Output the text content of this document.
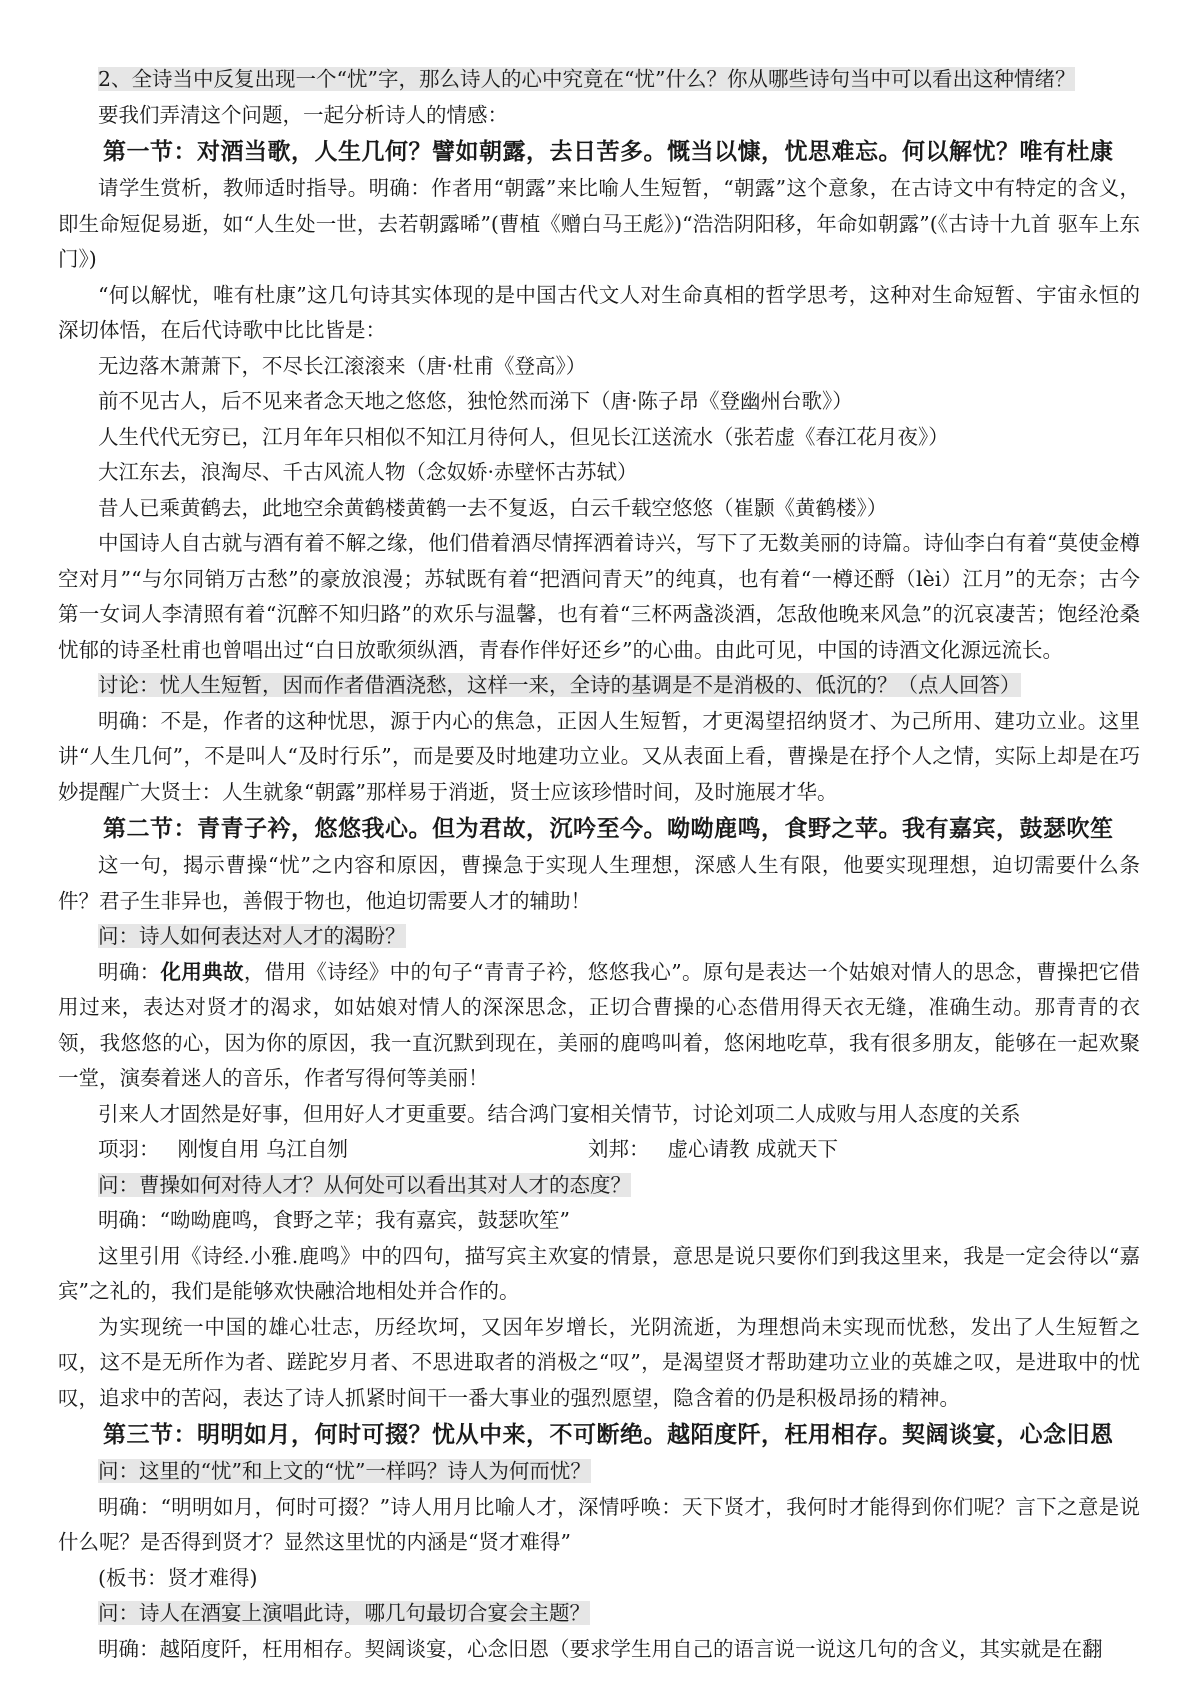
2、全诗当中反复出现一个“忧”字，那么诗人的心中究竟在“忧”什么？你从哪些诗句当中可以看出这种情绪？

要我们弄清这个问题，一起分析诗人的情感：

第一节：对酒当歌，人生几何？譬如朝露，去日苦多。慨当以慷，忧思难忘。何以解忧？唯有杜康

请学生赏析，教师适时指导。明确：作者用“朝露”来比喻人生短暂，“朝露”这个意象，在古诗文中有特定的含义，即生命短促易逝，如“人生处一世，去若朝露晞”(曹植《赠白马王彪》)“浩浩阴阳移，年命如朝露”(《古诗十九首 驱车上东门》)

“何以解忧，唯有杜康”这几句诗其实体现的是中国古代文人对生命真相的哲学思考，这种对生命短暂、宇宙永恒的深切体悟，在后代诗歌中比比皆是：

无边落木萧萧下，不尽长江滚滚来（唐·杜甫《登高》）

前不见古人，后不见来者念天地之悠悠，独怆然而涕下（唐·陈子昂《登幽州台歌》）

人生代代无穷已，江月年年只相似不知江月待何人，但见长江送流水（张若虚《春江花月夜》）

大江东去，浪淘尽、千古风流人物（念奴娇·赤壁怀古苏轼）

昔人已乘黄鹤去，此地空余黄鹤楼黄鹤一去不复返，白云千载空悠悠（崔颢《黄鹤楼》）

中国诗人自古就与酒有着不解之缘，他们借着酒尽情挥洒着诗兴，写下了无数美丽的诗篇。诗仙李白有着“莫使金樽空对月”“与尔同销万古愁”的豪放浪漫；苏轼既有着“把酒问青天”的纯真，也有着“一樽还酹（lèi）江月”的无奈；古今第一女词人李清照有着“沉醉不知归路”的欢乐与温馨，也有着“三杯两盏淡酒，怎敌他晚来风急”的沉哀凄苦；饱经沧桑忧郁的诗圣杜甫也曾唱出过“白日放歌须纵酒，青春作伴好还乡”的心曲。由此可见，中国的诗酒文化源远流长。

讨论：忧人生短暂，因而作者借酒浇愁，这样一来，全诗的基调是不是消极的、低沉的？（点人回答）

明确：不是，作者的这种忧思，源于内心的焦急，正因人生短暂，才更渴望招纳贤才、为己所用、建功立业。这里讲“人生几何”，不是叫人“及时行乐”，而是要及时地建功立业。又从表面上看，曹操是在抒个人之情，实际上却是在巧妙提醒广大贤士：人生就象“朝露”那样易于消逝，贤士应该珍惜时间，及时施展才华。

第二节：青青子衿，悠悠我心。但为君故，沉吟至今。呦呦鹿鸣，食野之苹。我有嘉宾，鼓瑟吹笙

这一句，揭示曹操“忧”之内容和原因，曹操急于实现人生理想，深感人生有限，他要实现理想，迫切需要什么条件？君子生非异也，善假于物也，他迫切需要人才的辅助！

问：诗人如何表达对人才的渴盼？

明确：化用典故，借用《诗经》中的句子“青青子衿，悠悠我心”。原句是表达一个姑娘对情人的思念，曹操把它借用过来，表达对贤才的渴求，如姑娘对情人的深深思念，正切合曹操的心态借用得天衣无缝，准确生动。那青青的衣领，我悠悠的心，因为你的原因，我一直沉默到现在，美丽的鹿鸣叫着，悠闲地吃草，我有很多朋友，能够在一起欢聚一堂，演奏着迷人的音乐，作者写得何等美丽！

引来人才固然是好事，但用好人才更重要。结合鸿门宴相关情节，讨论刘项二人成败与用人态度的关系

项羽： 刚愎自用 乌江自刎	刘邦： 虚心请教 成就天下

问：曹操如何对待人才？从何处可以看出其对人才的态度？

明确：“呦呦鹿鸣，食野之苹；我有嘉宾，鼓瑟吹笙”

这里引用《诗经.小雅.鹿鸣》中的四句，描写宾主欢宴的情景，意思是说只要你们到我这里来，我是一定会待以“嘉宾”之礼的，我们是能够欢快融洽地相处并合作的。

为实现统一中国的雄心壮志，历经坎坷，又因年岁增长，光阴流逝，为理想尚未实现而忧愁，发出了人生短暂之叹，这不是无所作为者、蹉跎岁月者、不思进取者的消极之“叹”，是渴望贤才帮助建功立业的英雄之叹，是进取中的忧叹，追求中的苦闷，表达了诗人抓紧时间干一番大事业的强烈愿望，隐含着的仍是积极昂扬的精神。

第三节：明明如月，何时可掇？忧从中来，不可断绝。越陌度阡，枉用相存。契阔谈宴，心念旧恩

问：这里的“忧”和上文的“忧”一样吗？诗人为何而忧？

明确：“明明如月，何时可掇？”诗人用月比喻人才，深情呼唤：天下贤才，我何时才能得到你们呢？言下之意是说什么呢？是否得到贤才？显然这里忧的内涵是“贤才难得”

(板书：贤才难得)

问：诗人在酒宴上演唱此诗，哪几句最切合宴会主题？

明确：越陌度阡，枉用相存。契阔谈宴，心念旧恩（要求学生用自己的语言说一说这几句的含义，其实就是在翻
